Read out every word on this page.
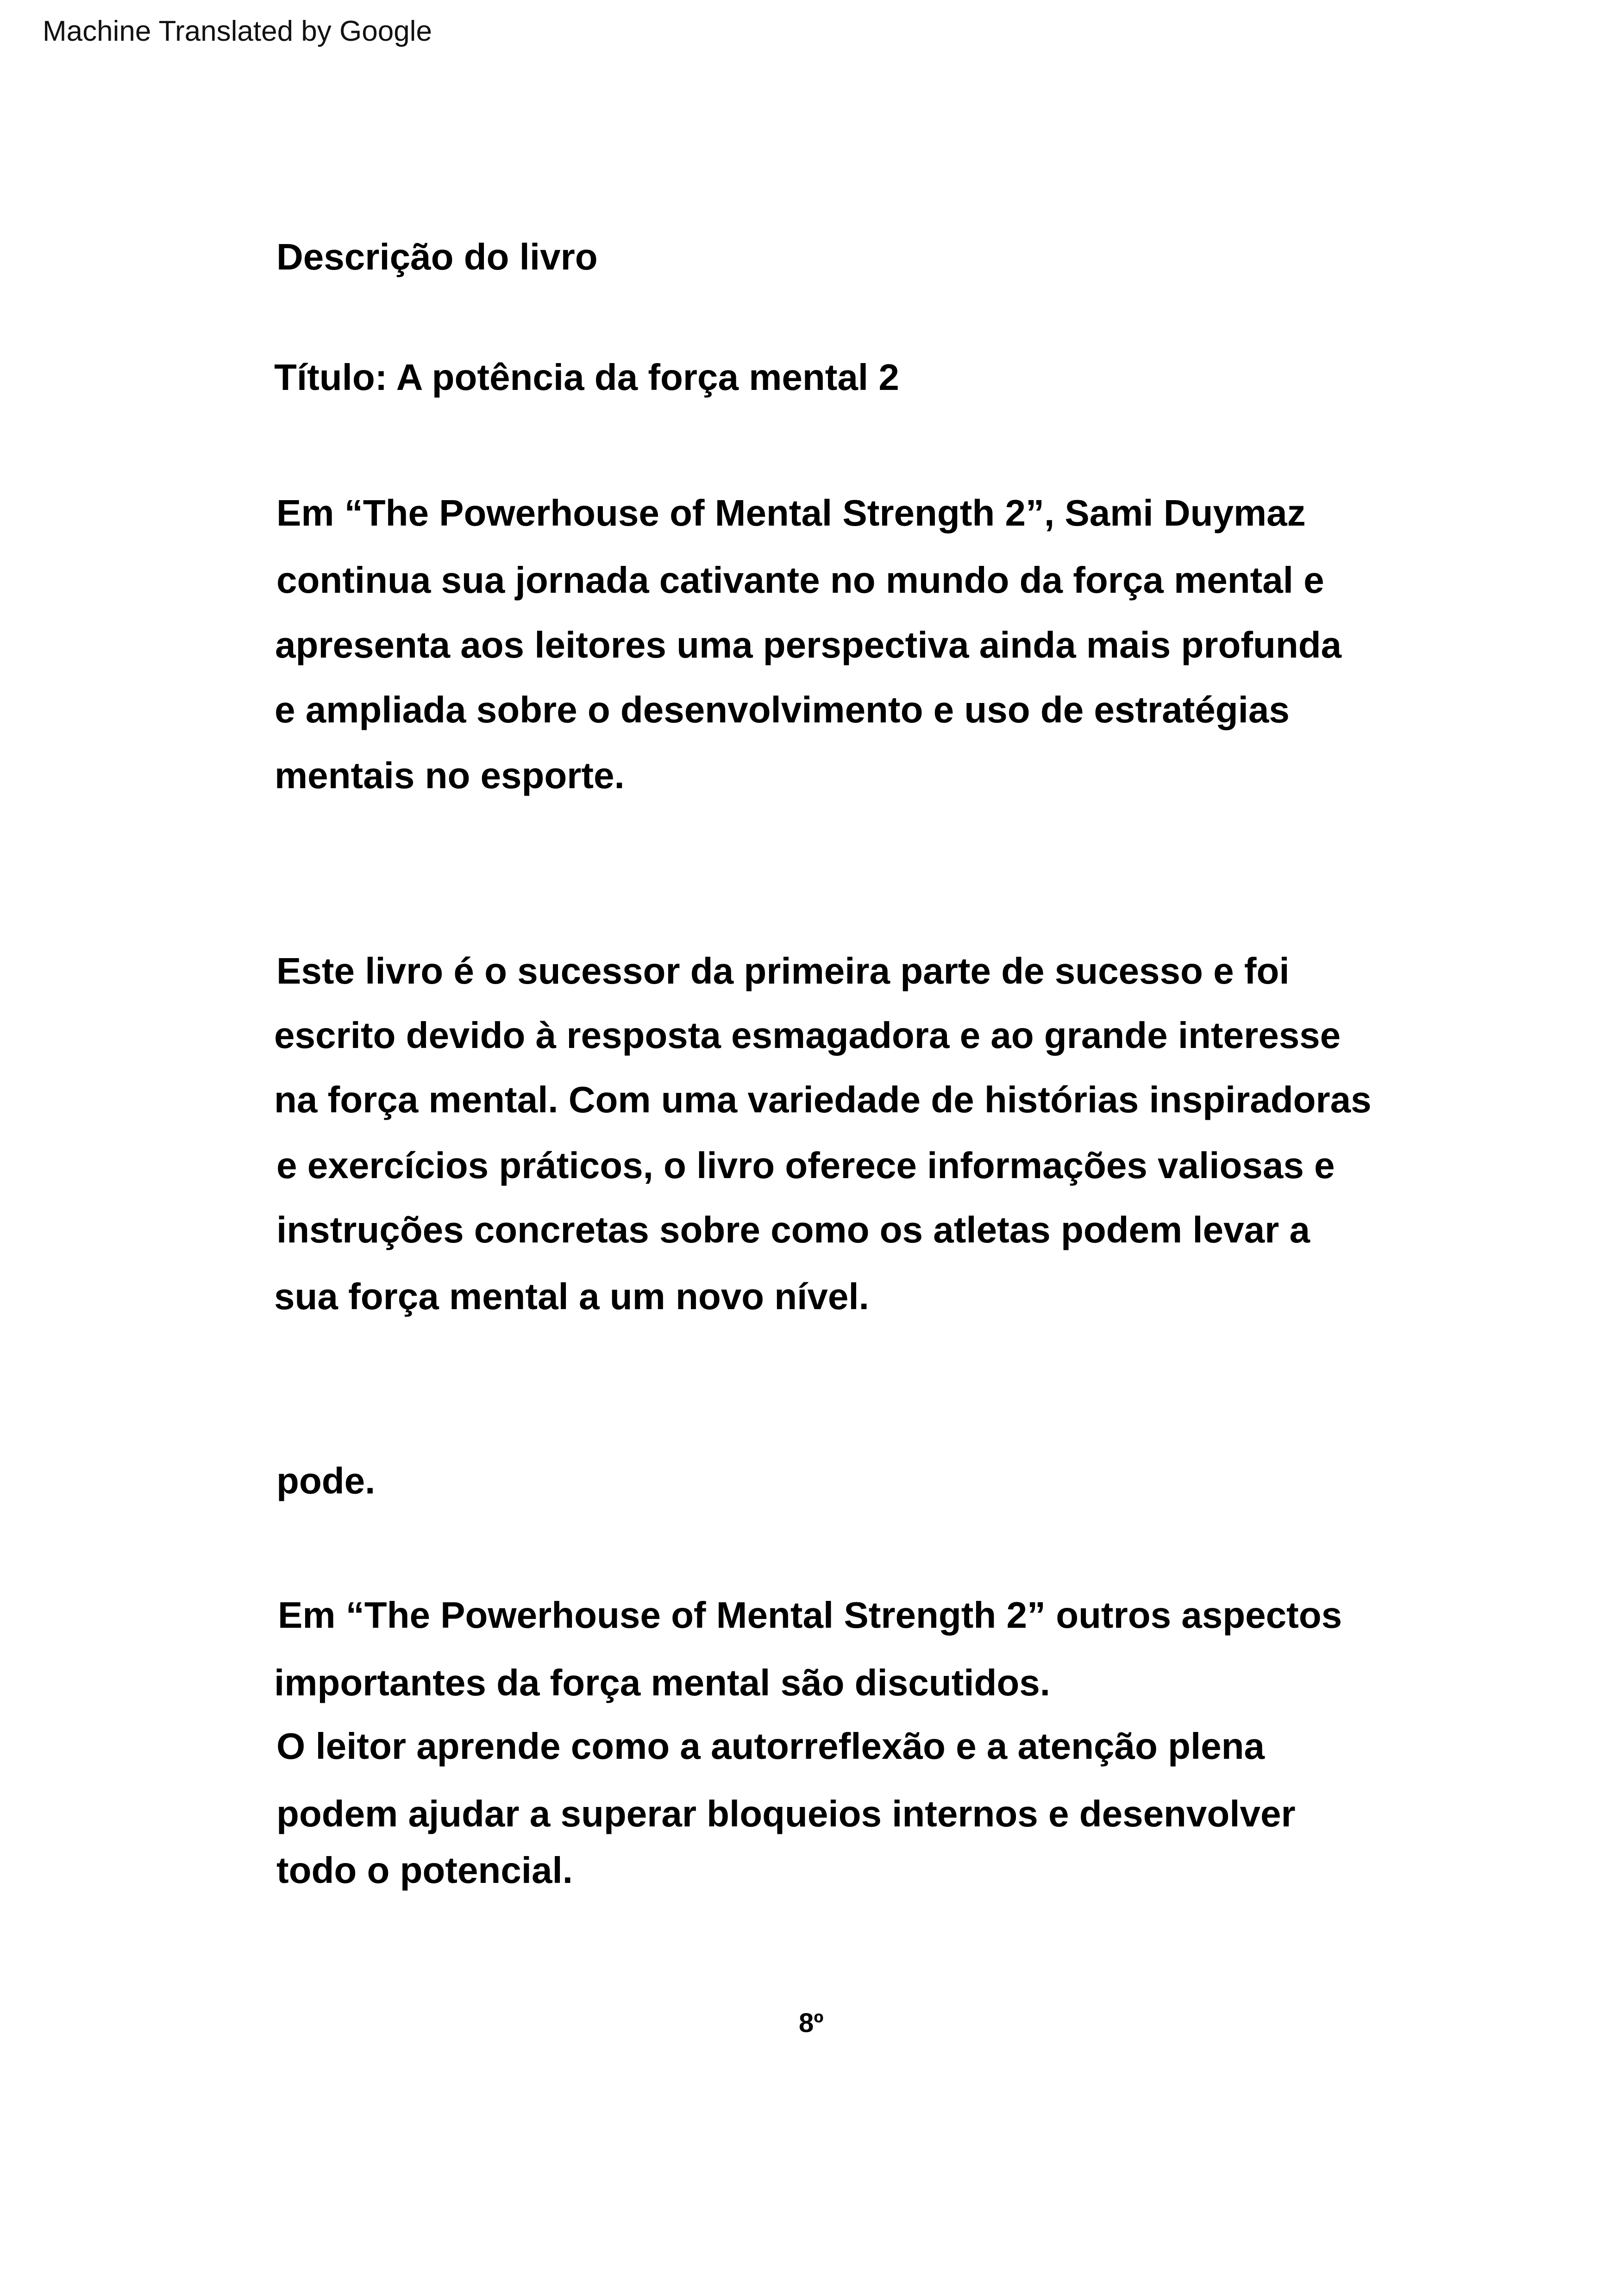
Machine Translated by Google
Descrição do livro
Título: A potência da força mental 2
Em “The Powerhouse of Mental Strength 2”, Sami Duymaz
continua sua jornada cativante no mundo da força mental e
apresenta aos leitores uma perspectiva ainda mais profunda
e ampliada sobre o desenvolvimento e uso de estratégias
mentais no esporte.
Este livro é o sucessor da primeira parte de sucesso e foi
escrito devido à resposta esmagadora e ao grande interesse
na força mental. Com uma variedade de histórias inspiradoras
e exercícios práticos, o livro oferece informações valiosas e
instruções concretas sobre como os atletas podem levar a
sua força mental a um novo nível.
pode.
Em “The Powerhouse of Mental Strength 2” outros aspectos
importantes da força mental são discutidos.
O leitor aprende como a autorreflexão e a atenção plena
podem ajudar a superar bloqueios internos e desenvolver
todo o potencial.
8º
